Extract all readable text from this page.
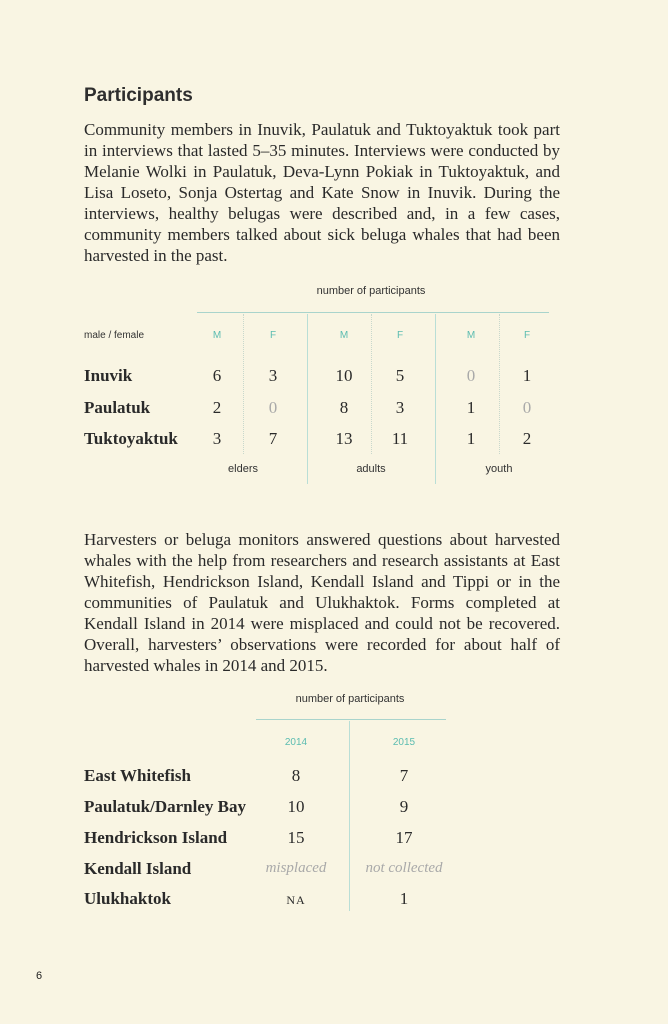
Participants

Community members in Inuvik, Paulatuk and Tuktoyaktuk took part in interviews that lasted 5–35 minutes. Interviews were conducted by Melanie Wolki in Paulatuk, Deva-Lynn Pokiak in Tuktoyaktuk, and Lisa Loseto, Sonja Ostertag and Kate Snow in Inuvik. During the interviews, healthy belugas were described and, in a few cases, community members talked about sick beluga whales that had been harvested in the past.

number of participants
male / female	M	F	M	F	M	F
Inuvik	6	3	10	5	0	1
Paulatuk	2	0	8	3	1	0
Tuktoyaktuk	3	7	13	11	1	2
elders	adults	youth

Harvesters or beluga monitors answered questions about harvested whales with the help from researchers and research assistants at East Whitefish, Hendrickson Island, Kendall Island and Tippi or in the communities of Paulatuk and Ulukhaktok. Forms completed at Kendall Island in 2014 were misplaced and could not be recovered. Overall, harvesters’ observations were recorded for about half of harvested whales in 2014 and 2015.

number of participants
2014	2015
East Whitefish	8	7
Paulatuk/Darnley Bay	10	9
Hendrickson Island	15	17
Kendall Island	misplaced	not collected
Ulukhaktok	NA	1
6
